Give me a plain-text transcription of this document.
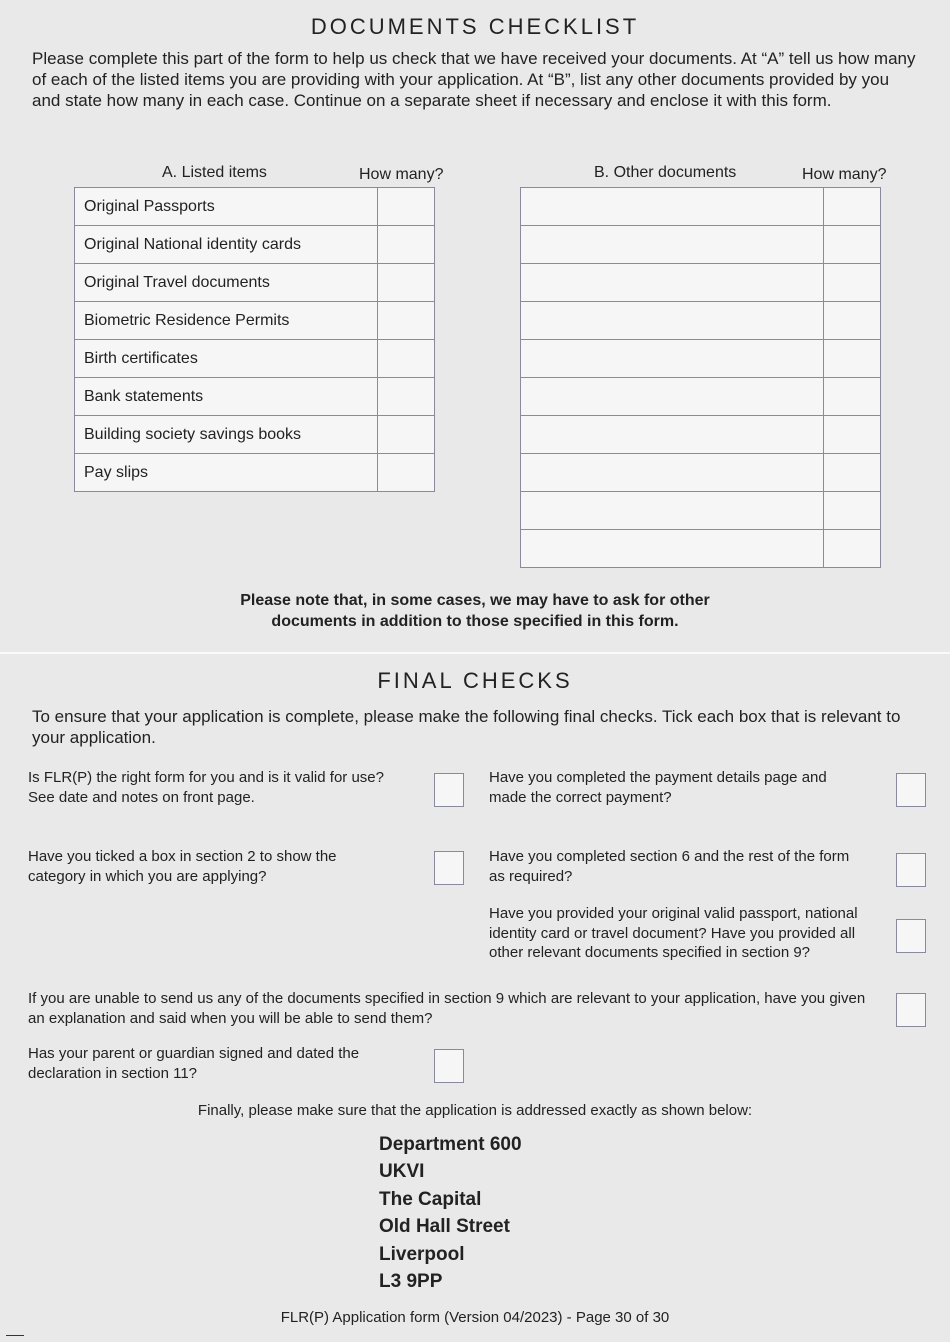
DOCUMENTS CHECKLIST
Please complete this part of the form to help us check that we have received your documents. At “A” tell us how many of each of the listed items you are providing with your application. At “B”, list any other documents provided by you and state how many in each case. Continue on a separate sheet if necessary and enclose it with this form.
A. Listed items	How many?	B. Other documents	How many?
Original Passports	
Original National identity cards	
Original Travel documents	
Biometric Residence Permits	
Birth certificates	
Bank statements	
Building society savings books	
Pay slips	

Please note that, in some cases, we may have to ask for other
documents in addition to those specified in this form.
FINAL CHECKS
To ensure that your application is complete, please make the following final checks. Tick each box that is relevant to your application.
Is FLR(P) the right form for you and is it valid for use? See date and notes on front page.
Have you completed the payment details page and made the correct payment?
Have you ticked a box in section 2 to show the category in which you are applying?
Have you completed section 6 and the rest of the form as required?
Have you provided your original valid passport, national identity card or travel document? Have you provided all other relevant documents specified in section 9?
If you are unable to send us any of the documents specified in section 9 which are relevant to your application, have you given an explanation and said when you will be able to send them?
Has your parent or guardian signed and dated the declaration in section 11?
Finally, please make sure that the application is addressed exactly as shown below:
Department 600
UKVI
The Capital
Old Hall Street
Liverpool
L3 9PP
FLR(P) Application form (Version 04/2023) - Page 30 of 30
